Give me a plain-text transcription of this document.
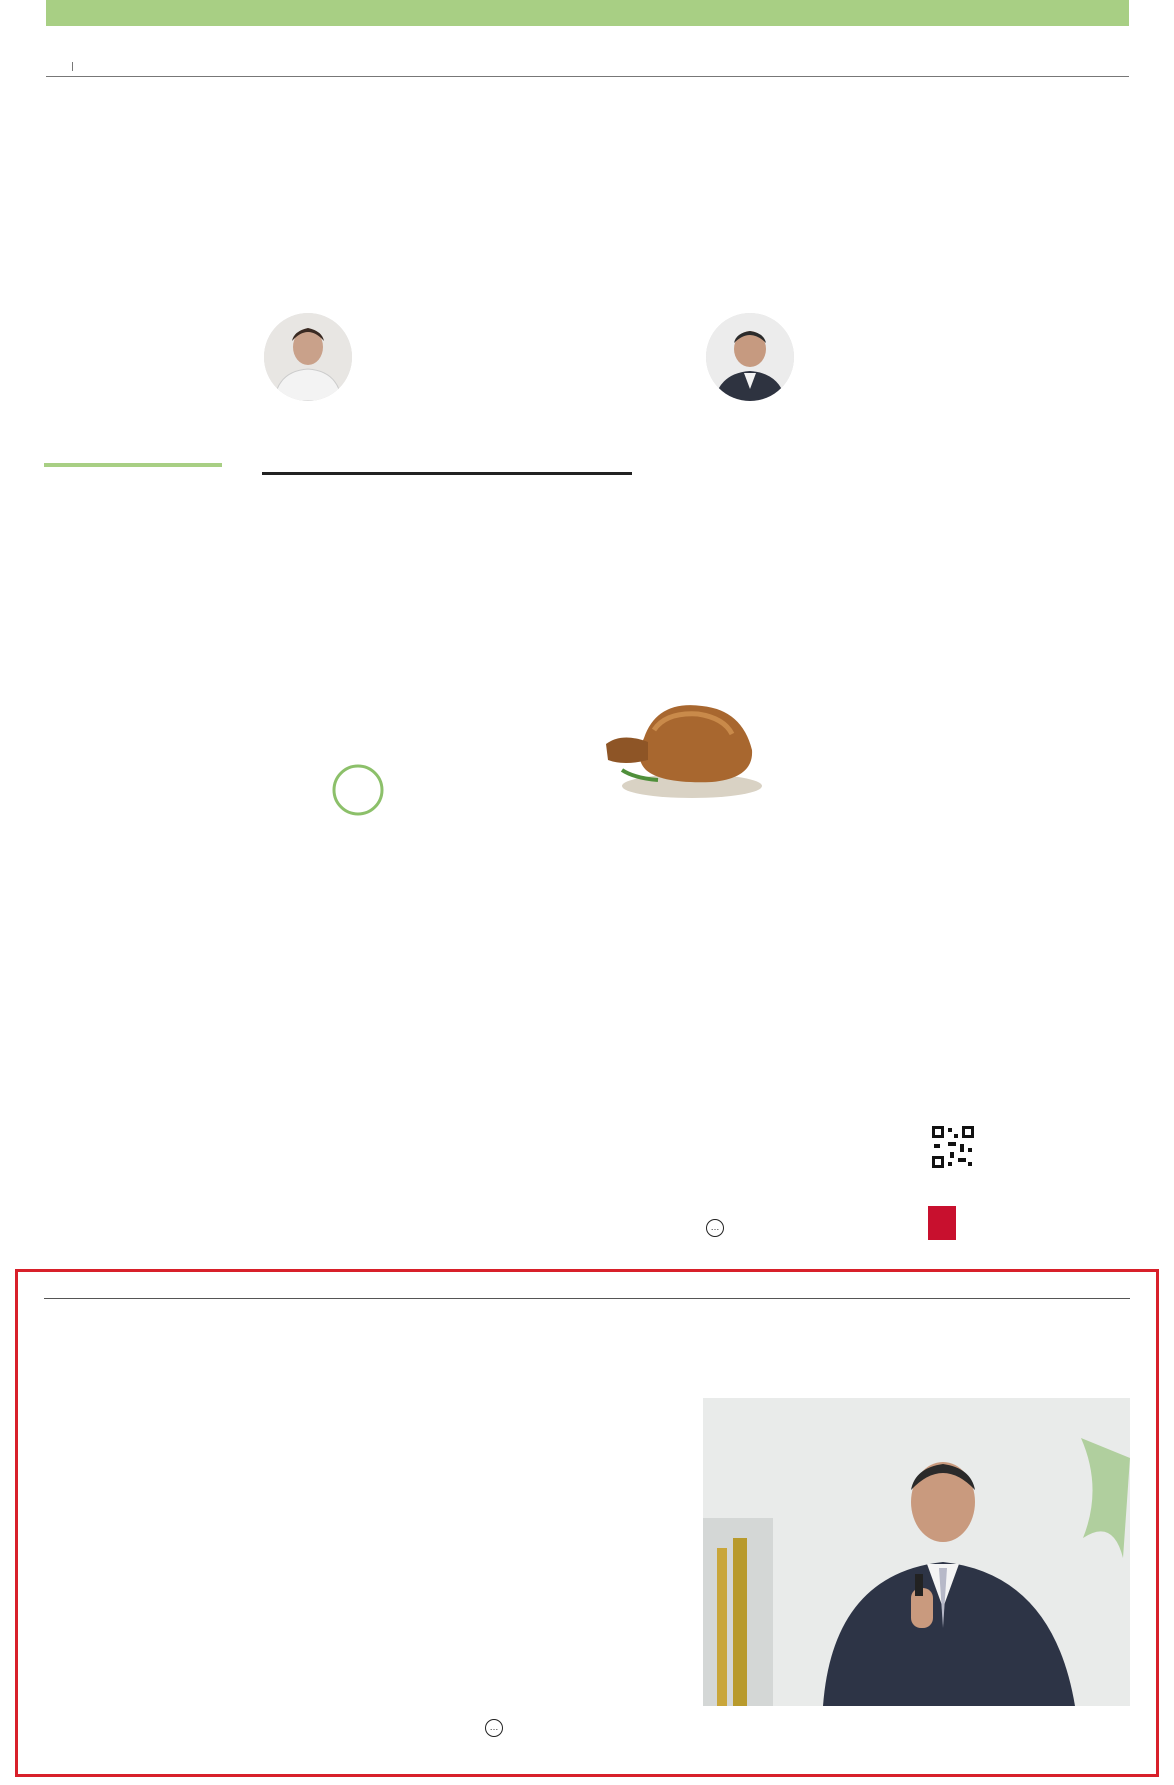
…

…
